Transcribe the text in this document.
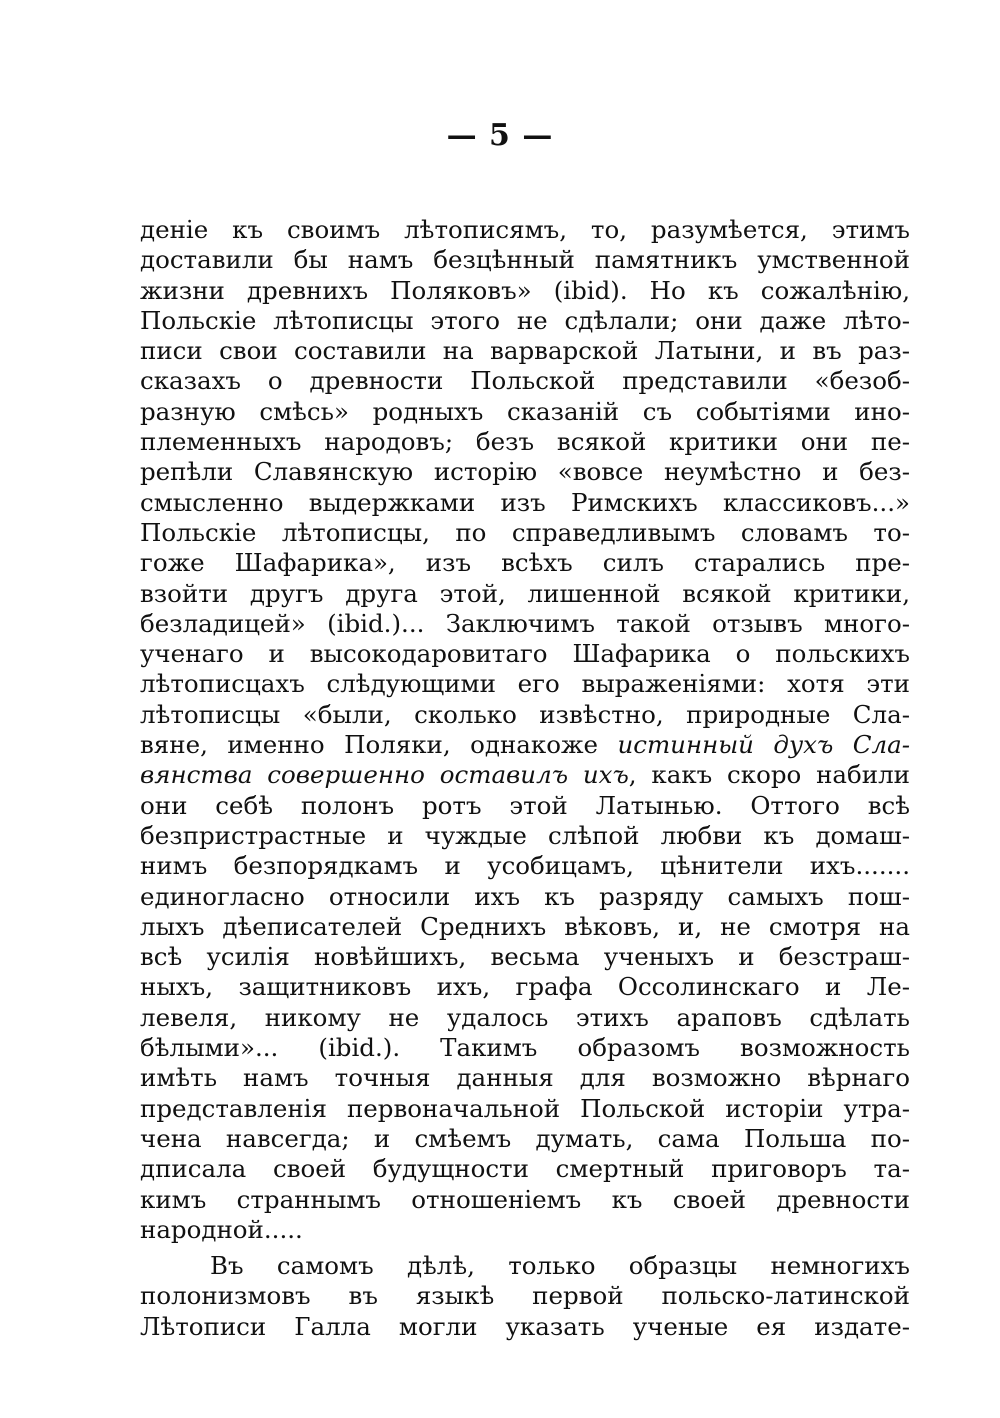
— 5 —
деніе къ своимъ лѣтописямъ, то, разумѣется, этимъ
доставили бы намъ безцѣнный памятникъ умственной
жизни древнихъ Поляковъ» (ibid). Но къ сожалѣнію,
Польскіе лѣтописцы этого не сдѣлали; они даже лѣто-
писи свои составили на варварской Латыни, и въ раз-
сказахъ о древности Польской представили «безоб-
разную смѣсь» родныхъ сказаній съ событіями ино-
племенныхъ народовъ; безъ всякой критики они пе-
репѣли Славянскую исторію «вовсе неумѣстно и без-
смысленно выдержками изъ Римскихъ классиковъ...»
Польскіе лѣтописцы, по справедливымъ словамъ то-
гоже Шафарика», изъ всѣхъ силъ старались пре-
взойти другъ друга этой, лишенной всякой критики,
безладицей» (ibid.)... Заключимъ такой отзывъ много-
ученаго и высокодаровитаго Шафарика о польскихъ
лѣтописцахъ слѣдующими его выраженіями: хотя эти
лѣтописцы «были, сколько извѣстно, природные Сла-
вяне, именно Поляки, однакоже истинный духъ Сла-
вянства совершенно оставилъ ихъ, какъ скоро набили
они себѣ полонъ ротъ этой Латынью. Оттого всѣ
безпристрастные и чуждые слѣпой любви къ домаш-
нимъ безпорядкамъ и усобицамъ, цѣнители ихъ.......
единогласно относили ихъ къ разряду самыхъ пош-
лыхъ дѣеписателей Среднихъ вѣковъ, и, не смотря на
всѣ усилія новѣйшихъ, весьма ученыхъ и безстраш-
ныхъ, защитниковъ ихъ, графа Оссолинскаго и Ле-
левеля, никому не удалось этихъ араповъ сдѣлать
бѣлыми»... (ibid.). Такимъ образомъ возможность
имѣть намъ точныя данныя для возможно вѣрнаго
представленія первоначальной Польской исторіи утра-
чена навсегда; и смѣемъ думать, сама Польша по-
дписала своей будущности смертный приговоръ та-
кимъ страннымъ отношеніемъ къ своей древности
народной.....
Въ самомъ дѣлѣ, только образцы немногихъ
полонизмовъ въ языкѣ первой польско-латинской
Лѣтописи Галла могли указать ученые ея издате-
